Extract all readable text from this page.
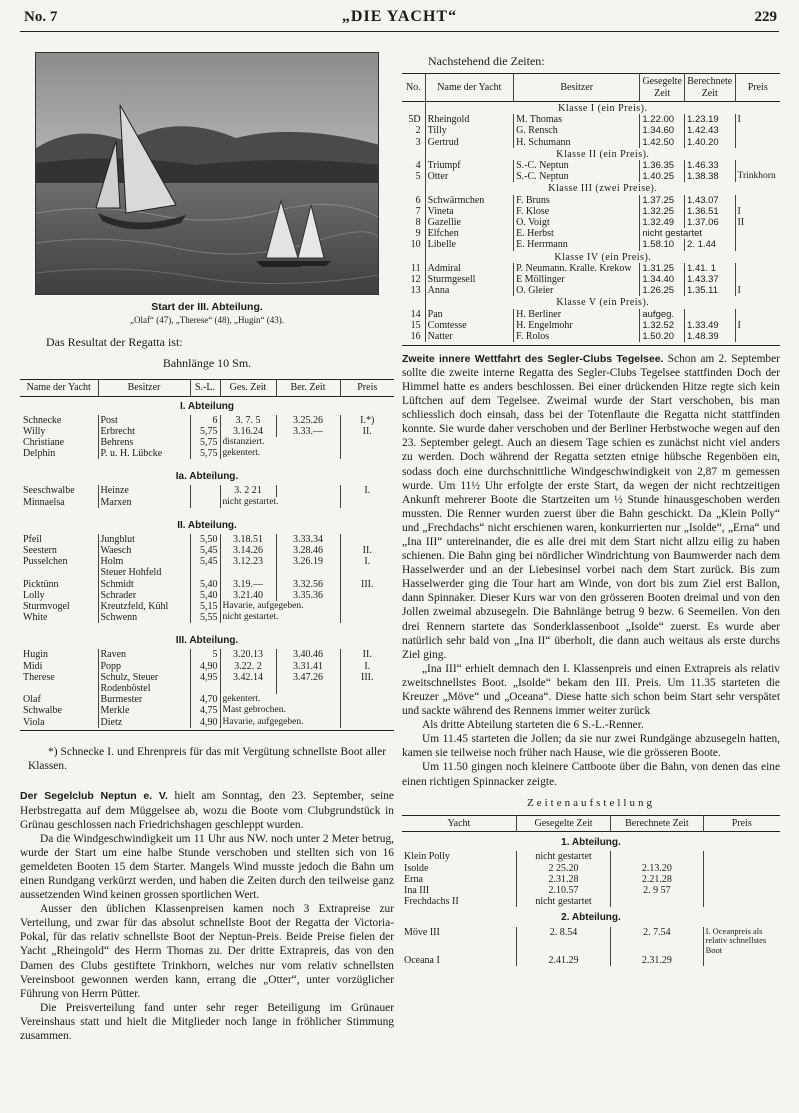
No. 7	„DIE YACHT“	229
Start der III. Abteilung.
„Olaf“ (47), „Therese“ (48), „Hugin“ (43).
Das Resultat der Regatta ist:
Bahnlänge 10 Sm.
Name der Yacht	Besitzer	S.-L.	Ges. Zeit	Ber. Zeit	Preis
I. Abteilung					
Schnecke	Post	6	3. 7. 5	3.25.26	I.*)
Willy	Erbrecht	5,75	3.16.24	3.33.—	II.
Christiane	Behrens	5,75	distanziert.		
Delphin	P. u. H. Lübcke	5,75	gekentert.		

Ia. Abteilung.					
Seeschwalbe	Heinze		3. 2 21		I.
Minnaelsa	Marxen		nicht gestartet.		

II. Abteilung.					
Pfeil	Jungblut	5,50	3.18.51	3.33.34	
Seestern	Waesch	5,45	3.14.26	3.28.46	II.
Pusselchen	Holm	5,45	3.12.23	3.26.19	I.
	Steuer Hohfeld				
Picktünn	Schmidt	5,40	3.19.—	3.32.56	III.
Lolly	Schrader	5,40	3.21.40	3.35.36	
Sturmvogel	Kreutzfeld, Kühl	5,15	Havarie, aufgegeben.		
White	Schwenn	5,55	nicht gestartet.		

III. Abteilung.					
Hugin	Raven	5	3.20.13	3.40.46	II.
Midi	Popp	4,90	3.22. 2	3.31.41	I.
Therese	Schulz, Steuer	4,95	3.42.14	3.47.26	III.
	Rodenböstel				
Olaf	Burmester	4,70	gekentert.		
Schwalbe	Merkle	4,75	Mast gebrochen.		
Viola	Dietz	4,90	Havarie, aufgegeben.		

*) Schnecke I. und Ehrenpreis für das mit Vergütung schnellste Boot aller Klassen.
Der Segelclub Neptun e. V. hielt am Sonntag, den 23. September, seine Herbstregatta auf dem Müggelsee ab, wozu die Boote vom Clubgrundstück in Grünau geschlossen nach Friedrichshagen geschleppt wurden.
Da die Windgeschwindigkeit um 11 Uhr aus NW. noch unter 2 Meter betrug, wurde der Start um eine halbe Stunde verschoben und stellten sich von 16 gemeldeten Booten 15 dem Starter. Mangels Wind musste jedoch die Bahn um einen Rundgang verkürzt werden, und haben die Zeiten durch den teilweise ganz aussetzenden Wind keinen grossen sportlichen Wert.
Ausser den üblichen Klassenpreisen kamen noch 3 Extrapreise zur Verteilung, und zwar für das absolut schnellste Boot der Regatta der Victoria-Pokal, für das relativ schnellste Boot der Neptun-Preis. Beide Preise fielen der Yacht „Rheingold“ des Herrn Thomas zu. Der dritte Extrapreis, das von den Damen des Clubs gestiftete Trinkhorn, welches nur vom relativ schnellsten Vereinsboot gewonnen werden kann, errang die „Otter“, unter vorzüglicher Führung von Herrn Pütter.
Die Preisverteilung fand unter sehr reger Beteiligung im Grünauer Vereinshaus statt und hielt die Mitglieder noch lange in fröhlicher Stimmung zusammen.
Nachstehend die Zeiten:
No.	Name der Yacht	Besitzer	Gesegelte Zeit	Berechnete Zeit	Preis
	Klasse I (ein Preis).				
5D	Rheingold	M. Thomas	1.22.00	1.23.19	I
2	Tilly	G. Rensch	1.34.60	1.42.43	
3	Gertrud	H. Schumann	1.42.50	1.40.20	
	Klasse II (ein Preis).				
4	Triumpf	S.-C. Neptun	1.36.35	1.46.33	
5	Otter	S.-C. Neptun	1.40.25	1.38.38	Trinkhorn
	Klasse III (zwei Preise).				
6	Schwärmchen	F. Bruns	1.37.25	1.43.07	
7	Vineta	F. Klose	1.32.25	1.36.51	I
8	Gazellie	O. Voigt	1.32.49	1.37.06	II
9	Elfchen	E. Herbst	nicht gestartet		
10	Libelle	E. Herrmann	1.58.10	2. 1.44	
	Klasse IV (ein Preis).				
11	Admiral	P. Neumann. Kralle. Krekow	1.31.25	1.41. 1	
12	Sturmgesell	E Möllinger	1.34.40	1.43.37	
13	Anna	O. Gleier	1.26.25	1.35.11	I
	Klasse V (ein Preis).				
14	Pan	H. Berliner	aufgeg.		
15	Comtesse	H. Engelmohr	1.32.52	1.33.49	I
16	Natter	F. Rolos	1.50.20	1.48.39	

Zweite innere Wettfahrt des Segler-Clubs Tegelsee. Schon am 2. September sollte die zweite interne Regatta des Segler-Clubs Tegelsee stattfinden Doch der Himmel hatte es anders beschlossen. Bei einer drückenden Hitze regte sich kein Lüftchen auf dem Tegelsee. Zweimal wurde der Start verschoben, bis man schliesslich doch einsah, dass bei der Totenflaute die Regatta nicht stattfinden konnte. Sie wurde daher verschoben und der Berliner Herbstwoche wegen auf den 23. September gelegt. Auch an diesem Tage schien es zunächst nicht viel anders zu werden. Doch während der Regatta setzten etnige hübsche Regenböen ein, sodass doch eine durchschnittliche Windgeschwindigkeit von 2,87 m gemessen wurde. Um 11½ Uhr erfolgte der erste Start, da wegen der nicht rechtzeitigen Ankunft mehrerer Boote die Startzeiten um ½ Stunde hinausgeschoben werden mussten. Die Renner wurden zuerst über die Bahn geschickt. Da „Klein Polly“ und „Frechdachs“ nicht erschienen waren, konkurrierten nur „Isolde“, „Erna“ und „Ina III“ untereinander, die es alle drei mit dem Start nicht allzu eilig zu haben schienen. Die Bahn ging bei nördlicher Windrichtung von Baumwerder nach dem Hasselwerder und an der Liebesinsel vorbei nach dem Start zurück. Bis zum Hasselwerder ging die Tour hart am Winde, von dort bis zum Ziel erst Ballon, dann Spinnaker. Dieser Kurs war von den grösseren Booten dreimal und von den Jollen zweimal abzusegeln. Die Bahnlänge betrug 9 bezw. 6 Seemeilen. Von den drei Rennern startete das Sonderklassenboot „Isolde“ zuerst. Es wurde aber natürlich sehr bald von „Ina II“ überholt, die dann auch weitaus als erste durchs Ziel ging.
„Ina III“ erhielt demnach den I. Klassenpreis und einen Extrapreis als relativ zweitschnellstes Boot. „Isolde“ bekam den III. Preis. Um 11.35 starteten die Kreuzer „Möve“ und „Oceana“. Diese hatte sich schon beim Start sehr verspätet und sackte während des Rennens immer weiter zurück
Als dritte Abteilung starteten die 6 S.-L.-Renner.
Um 11.45 starteten die Jollen; da sie nur zwei Rundgänge abzusegeln hatten, kamen sie teilweise noch früher nach Hause, wie die grösseren Boote.
Um 11.50 gingen noch kleinere Cattboote über die Bahn, von denen das eine einen richtigen Spinnacker zeigte.
Zeitenaufstellung
Yacht	Gesegelte Zeit	Berechnete Zeit	Preis
1. Abteilung.			
Klein Polly	nicht gestartet		
Isolde	2 25.20	2.13.20	
Erna	2.31.28	2.21.28	
Ina III	2.10.57	2. 9 57	
Frechdachs II	nicht gestartet		
2. Abteilung.			
Möve III	2. 8.54	2. 7.54	I. Oceanpreis als relativ schnellstes Boot
Oceana I	2.41.29	2.31.29	
